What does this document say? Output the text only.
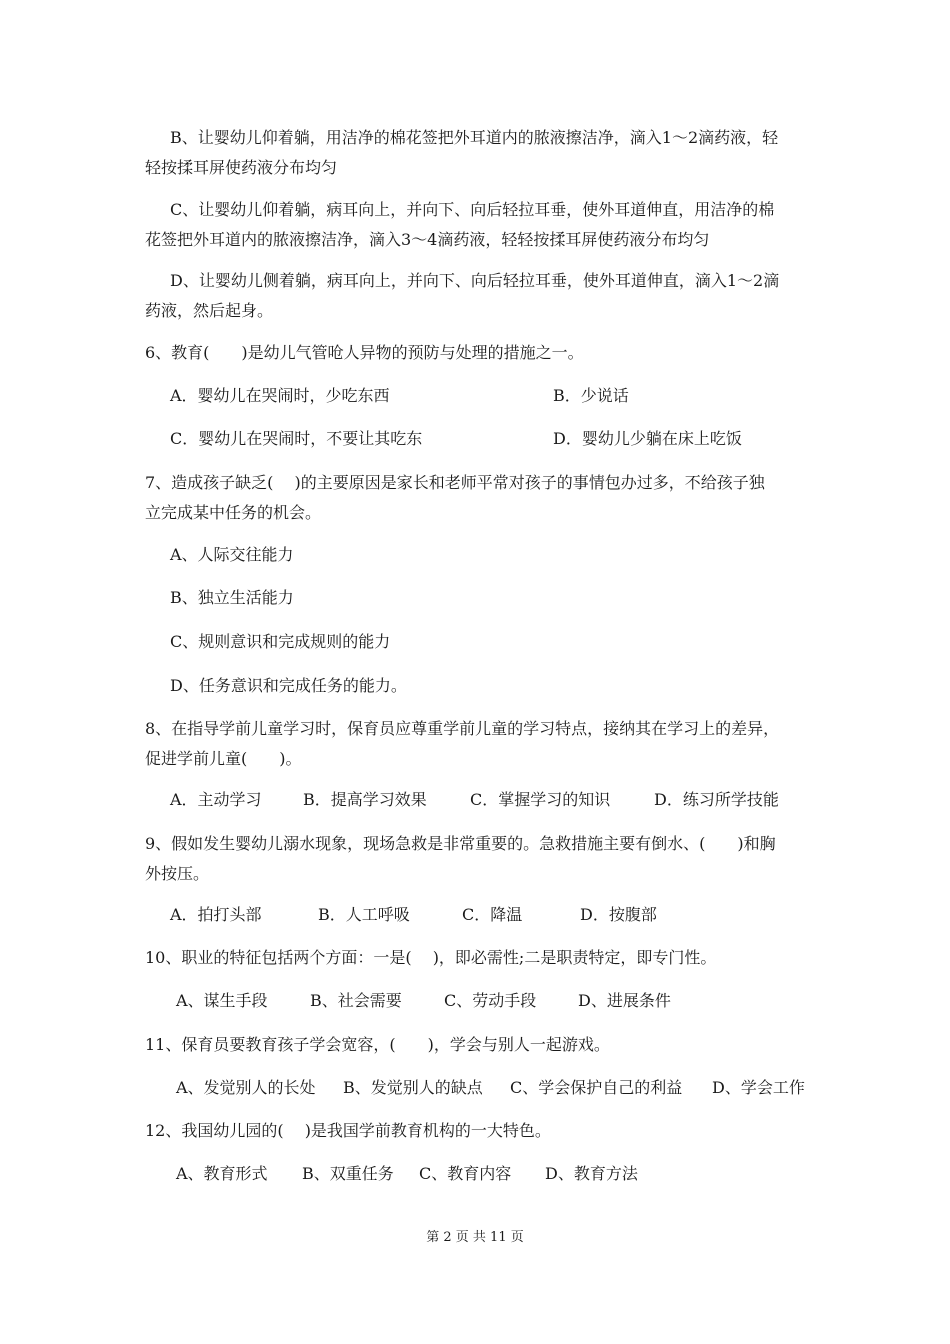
B、让婴幼儿仰着躺，用洁净的棉花签把外耳道内的脓液擦洁净，滴入1～2滴药液，轻
轻按揉耳屏使药液分布均匀
C、让婴幼儿仰着躺，病耳向上，并向下、向后轻拉耳垂，使外耳道伸直，用洁净的棉
花签把外耳道内的脓液擦洁净，滴入3～4滴药液，轻轻按揉耳屏使药液分布均匀
D、让婴幼儿侧着躺，病耳向上，并向下、向后轻拉耳垂，使外耳道伸直，滴入1～2滴
药液，然后起身。
6、教育(　　)是幼儿气管呛人异物的预防与处理的措施之一。
A．婴幼儿在哭闹时，少吃东西	B．少说话
C．婴幼儿在哭闹时，不要让其吃东	D．婴幼儿少躺在床上吃饭
7、造成孩子缺乏(　 )的主要原因是家长和老师平常对孩子的事情包办过多，不给孩子独
立完成某中任务的机会。
A、人际交往能力
B、独立生活能力
C、规则意识和完成规则的能力
D、任务意识和完成任务的能力。
8、在指导学前儿童学习时，保育员应尊重学前儿童的学习特点，接纳其在学习上的差异，
促进学前儿童(　　)。
A．主动学习	B．提高学习效果	C．掌握学习的知识	D．练习所学技能
9、假如发生婴幼儿溺水现象，现场急救是非常重要的。急救措施主要有倒水、(　　)和胸
外按压。
A．拍打头部	B．人工呼吸	C．降温	D．按腹部
10、职业的特征包括两个方面：一是(　 )，即必需性;二是职责特定，即专门性。
A、谋生手段	B、社会需要	C、劳动手段	D、进展条件
11、保育员要教育孩子学会宽容，(　　)，学会与别人一起游戏。
A、发觉别人的长处 B、发觉别人的缺点 C、学会保护自己的利益 D、学会工作
12、我国幼儿园的(　 )是我国学前教育机构的一大特色。
A、教育形式 B、双重任务 C、教育内容 D、教育方法
第 2 页 共 11 页
